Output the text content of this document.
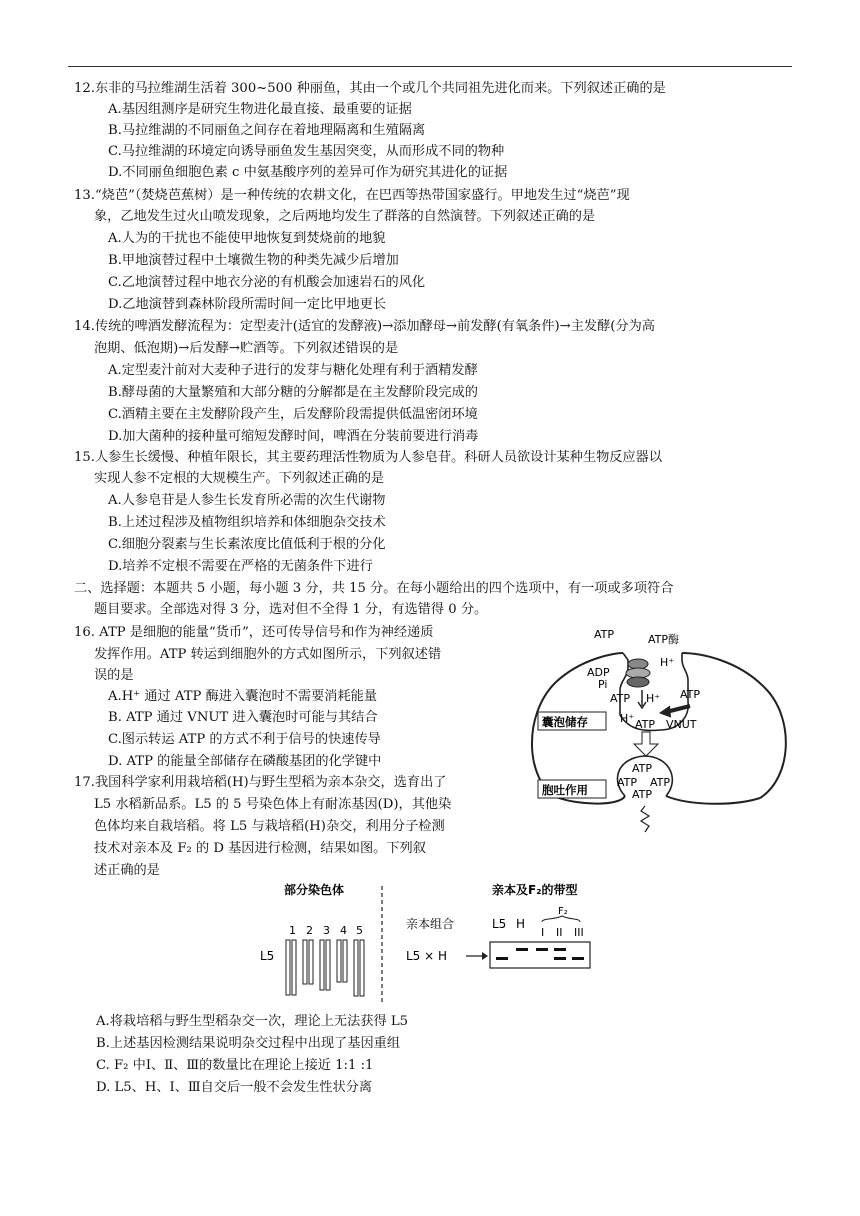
12.东非的马拉维湖生活着 300~500 种丽鱼，其由一个或几个共同祖先进化而来。下列叙述正确的是
A.基因组测序是研究生物进化最直接、最重要的证据
B.马拉维湖的不同丽鱼之间存在着地理隔离和生殖隔离
C.马拉维湖的环境定向诱导丽鱼发生基因突变，从而形成不同的物种
D.不同丽鱼细胞色素 c 中氨基酸序列的差异可作为研究其进化的证据
13.“烧芭”（焚烧芭蕉树）是一种传统的农耕文化，在巴西等热带国家盛行。甲地发生过“烧芭”现
象，乙地发生过火山喷发现象，之后两地均发生了群落的自然演替。下列叙述正确的是
A.人为的干扰也不能使甲地恢复到焚烧前的地貌
B.甲地演替过程中土壤微生物的种类先减少后增加
C.乙地演替过程中地衣分泌的有机酸会加速岩石的风化
D.乙地演替到森林阶段所需时间一定比甲地更长
14.传统的啤酒发酵流程为：定型麦汁(适宜的发酵液)→添加酵母→前发酵(有氧条件)→主发酵(分为高
泡期、低泡期)→后发酵→贮酒等。下列叙述错误的是
A.定型麦汁前对大麦种子进行的发芽与糖化处理有利于酒精发酵
B.酵母菌的大量繁殖和大部分糖的分解都是在主发酵阶段完成的
C.酒精主要在主发酵阶段产生，后发酵阶段需提供低温密闭环境
D.加大菌种的接种量可缩短发酵时间，啤酒在分装前要进行消毒
15.人参生长缓慢、种植年限长，其主要药理活性物质为人参皂苷。科研人员欲设计某种生物反应器以
实现人参不定根的大规模生产。下列叙述正确的是
A.人参皂苷是人参生长发育所必需的次生代谢物
B.上述过程涉及植物组织培养和体细胞杂交技术
C.细胞分裂素与生长素浓度比值低利于根的分化
D.培养不定根不需要在严格的无菌条件下进行
二、选择题：本题共 5 小题，每小题 3 分，共 15 分。在每小题给出的四个选项中，有一项或多项符合
题目要求。全部选对得 3 分，选对但不全得 1 分，有选错得 0 分。
16. ATP 是细胞的能量“货币”，还可传导信号和作为神经递质
发挥作用。ATP 转运到细胞外的方式如图所示，下列叙述错
误的是
A.H⁺ 通过 ATP 酶进入囊泡时不需要消耗能量
B. ATP 通过 VNUT 进入囊泡时可能与其结合
C.图示转运 ATP 的方式不利于信号的快速传导
D. ATP 的能量全部储存在磷酸基团的化学键中
ATP	ATP酶
ADP
Pi
H⁺
ATP H⁺
H⁺
ATP
ATP VNUT
囊泡储存
ATP
ATP ATP
ATP
胞吐作用
17.我国科学家利用栽培稻(H)与野生型稻为亲本杂交，选育出了
L5 水稻新品系。L5 的 5 号染色体上有耐冻基因(D)，其他染
色体均来自栽培稻。将 L5 与栽培稻(H)杂交，利用分子检测
技术对亲本及 F₂ 的 D 基因进行检测，结果如图。下列叙
述正确的是
部分染色体	亲本及F₂的带型
1 2 3 4 5
L5
亲本组合
L5 × H
L5 H
F₂
I II III
A.将栽培稻与野生型稻杂交一次，理论上无法获得 L5
B.上述基因检测结果说明杂交过程中出现了基因重组
C. F₂ 中Ⅰ、Ⅱ、Ⅲ的数量比在理论上接近 1:1 :1
D. L5、H、Ⅰ、Ⅲ自交后一般不会发生性状分离
